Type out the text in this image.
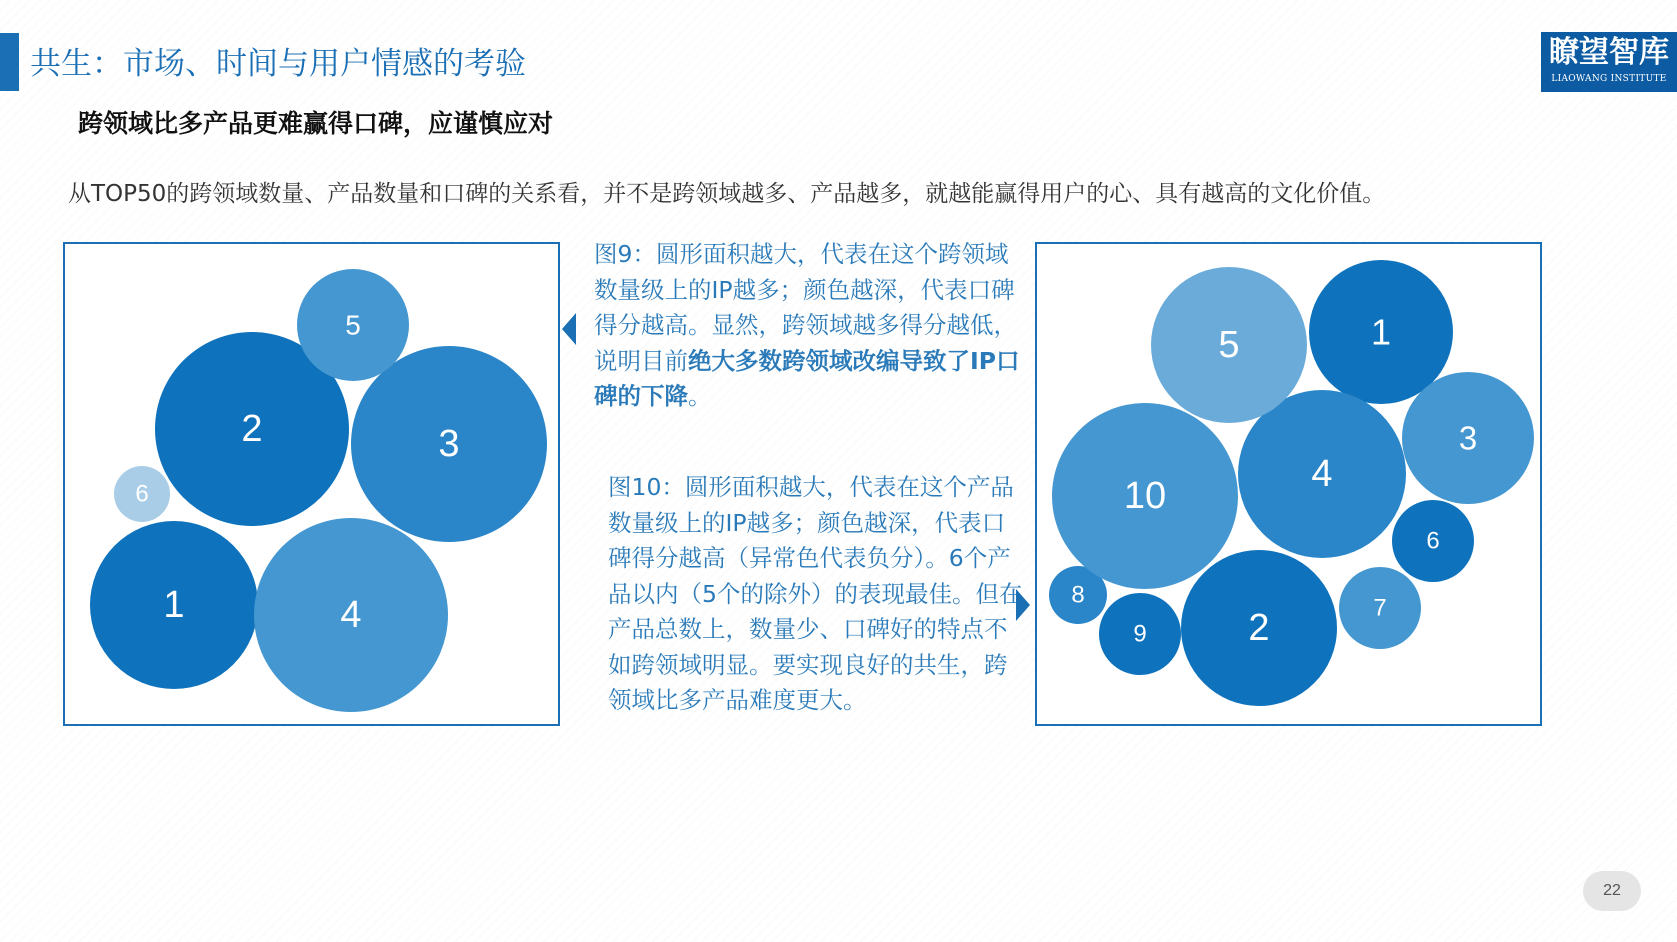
共生：市场、时间与用户情感的考验	瞭望智库
LIAOWANG INSTITUTE
跨领域比多产品更难赢得口碑，应谨慎应对
从TOP50的跨领域数量、产品数量和口碑的关系看，并不是跨领域越多、产品越多，就越能赢得用户的心、具有越高的文化价值。
1
2	3
4
5
6
图9：圆形面积越大，代表在这个跨领域数量级上的IP越多；颜色越深，代表口碑得分越高。显然，跨领域越多得分越低，说明目前绝大多数跨领域改编导致了IP口碑的下降。
图10：圆形面积越大，代表在这个产品数量级上的IP越多；颜色越深，代表口碑得分越高（异常色代表负分）。6个产品以内（5个的除外）的表现最佳。但在产品总数上，数量少、口碑好的特点不如跨领域明显。要实现良好的共生，跨领域比多产品难度更大。
1
2
3
4
5
6
7
8
9
10
22
